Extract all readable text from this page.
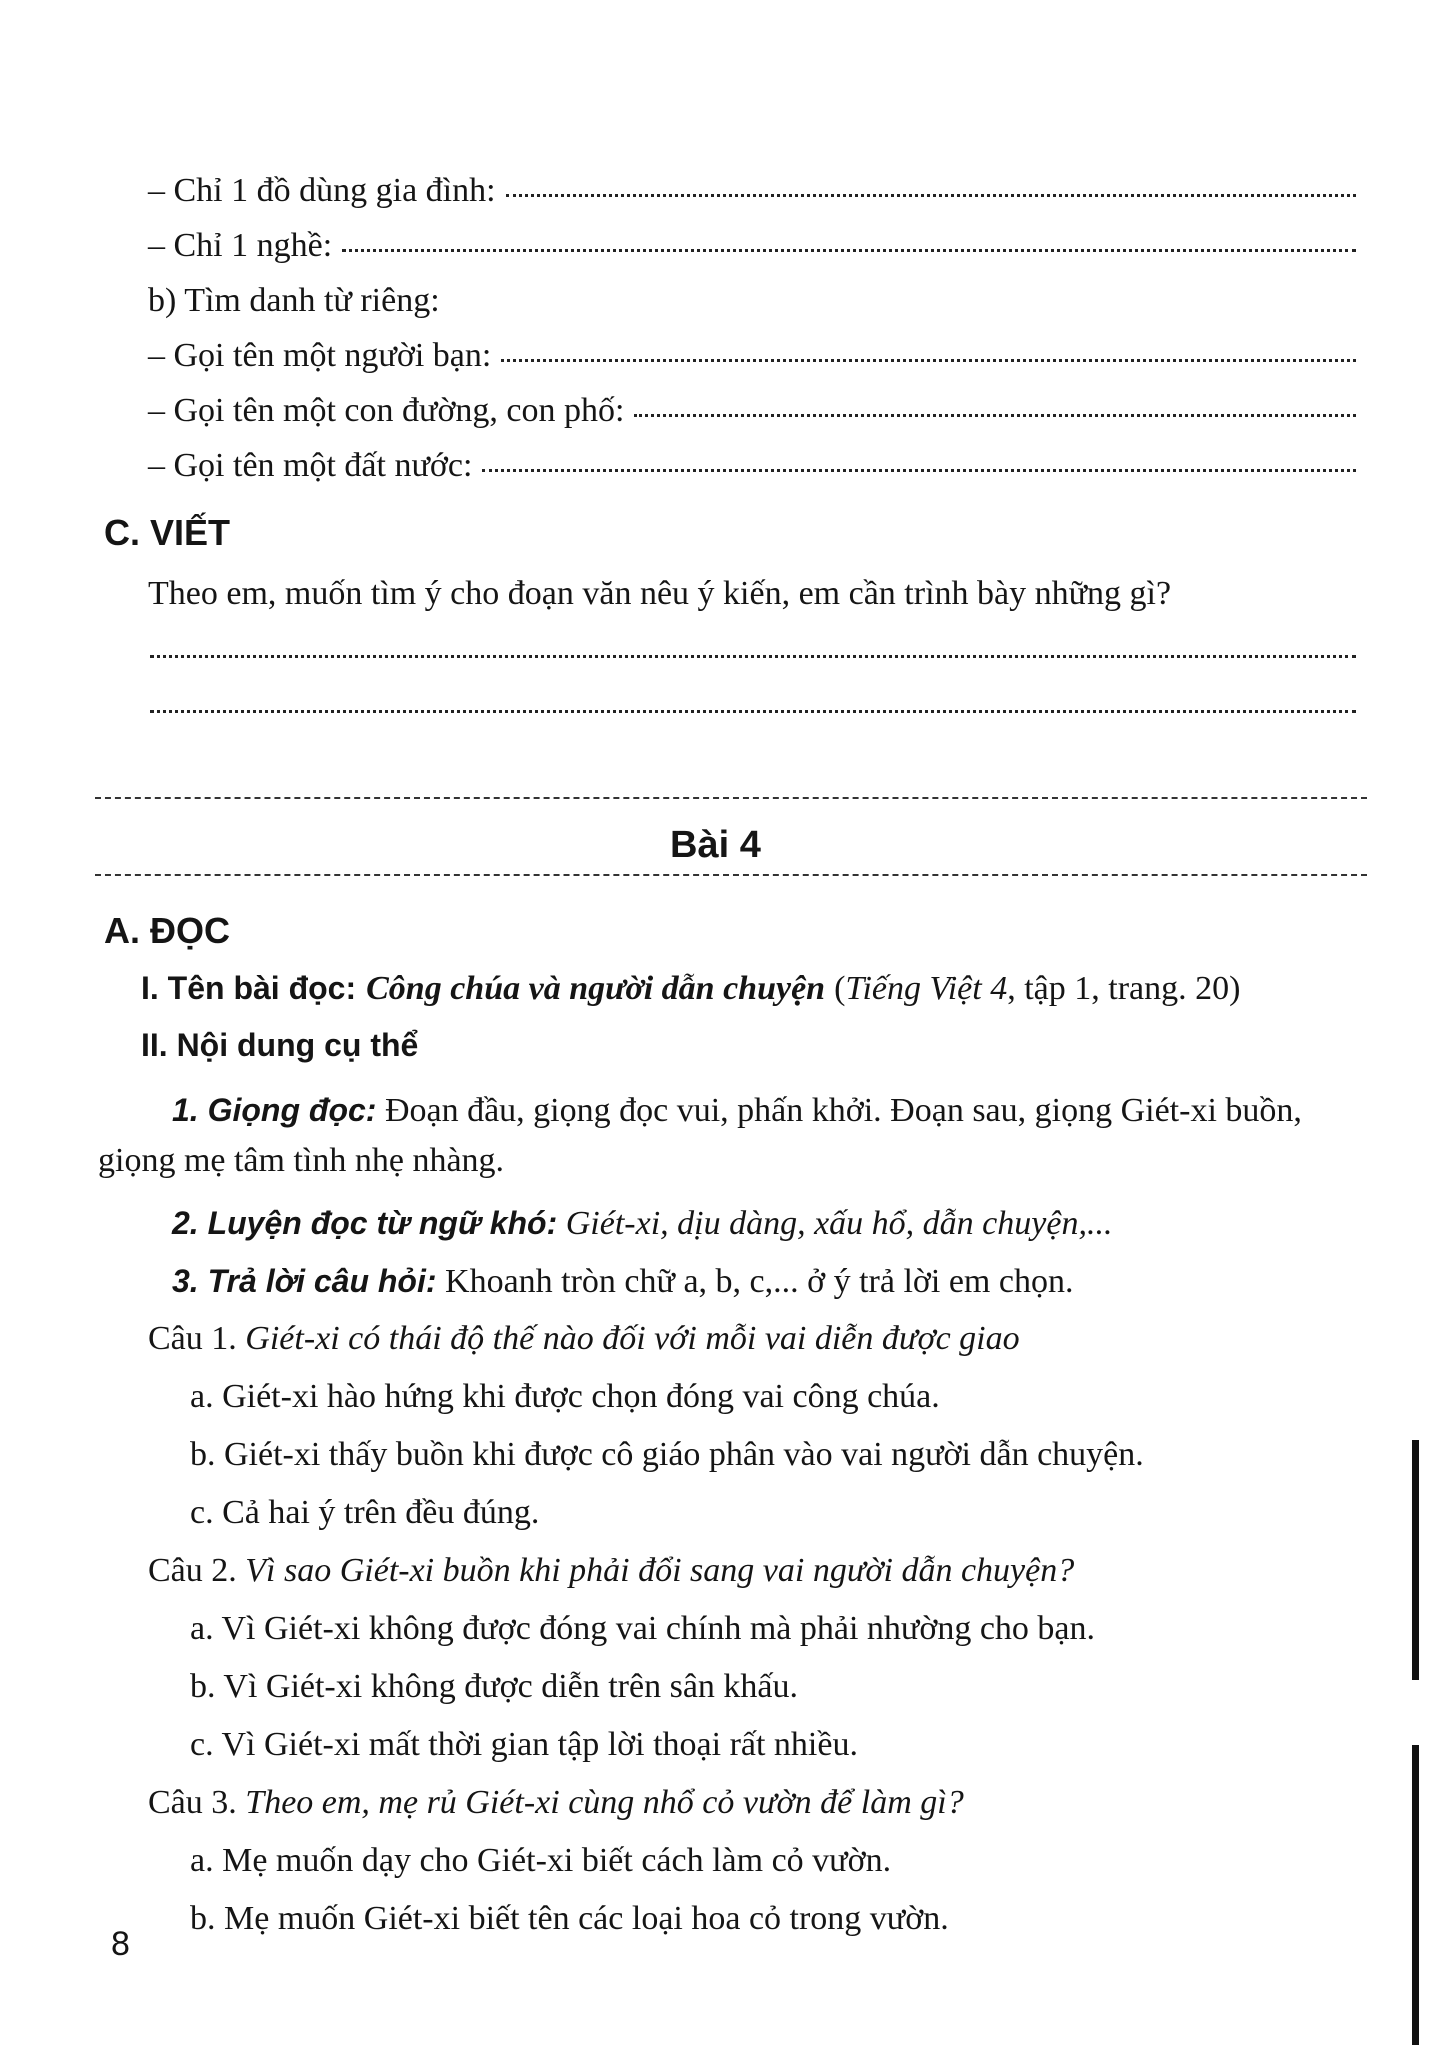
– Chỉ 1 đồ dùng gia đình:
– Chỉ 1 nghề:
b) Tìm danh từ riêng:
– Gọi tên một người bạn:
– Gọi tên một con đường, con phố:
– Gọi tên một đất nước:
C. VIẾT
Theo em, muốn tìm ý cho đoạn văn nêu ý kiến, em cần trình bày những gì?
Bài 4
A. ĐỌC
I. Tên bài đọc: Công chúa và người dẫn chuyện ( Tiếng Việt 4 , tập 1, trang. 20)
II. Nội dung cụ thể
1. Giọng đọc: Đoạn đầu, giọng đọc vui, phấn khởi. Đoạn sau, giọng Giét-xi buồn, giọng mẹ tâm tình nhẹ nhàng.
2. Luyện đọc từ ngữ khó: Giét-xi, dịu dàng, xấu hổ, dẫn chuyện,...
3. Trả lời câu hỏi: Khoanh tròn chữ a, b, c,... ở ý trả lời em chọn.
Câu 1. Giét-xi có thái độ thế nào đối với mỗi vai diễn được giao
a. Giét-xi hào hứng khi được chọn đóng vai công chúa.
b. Giét-xi thấy buồn khi được cô giáo phân vào vai người dẫn chuyện.
c. Cả hai ý trên đều đúng.
Câu 2. Vì sao Giét-xi buồn khi phải đổi sang vai người dẫn chuyện?
a. Vì Giét-xi không được đóng vai chính mà phải nhường cho bạn.
b. Vì Giét-xi không được diễn trên sân khấu.
c. Vì Giét-xi mất thời gian tập lời thoại rất nhiều.
Câu 3. Theo em, mẹ rủ Giét-xi cùng nhổ cỏ vườn để làm gì?
a. Mẹ muốn dạy cho Giét-xi biết cách làm cỏ vườn.
b. Mẹ muốn Giét-xi biết tên các loại hoa cỏ trong vườn.
8
